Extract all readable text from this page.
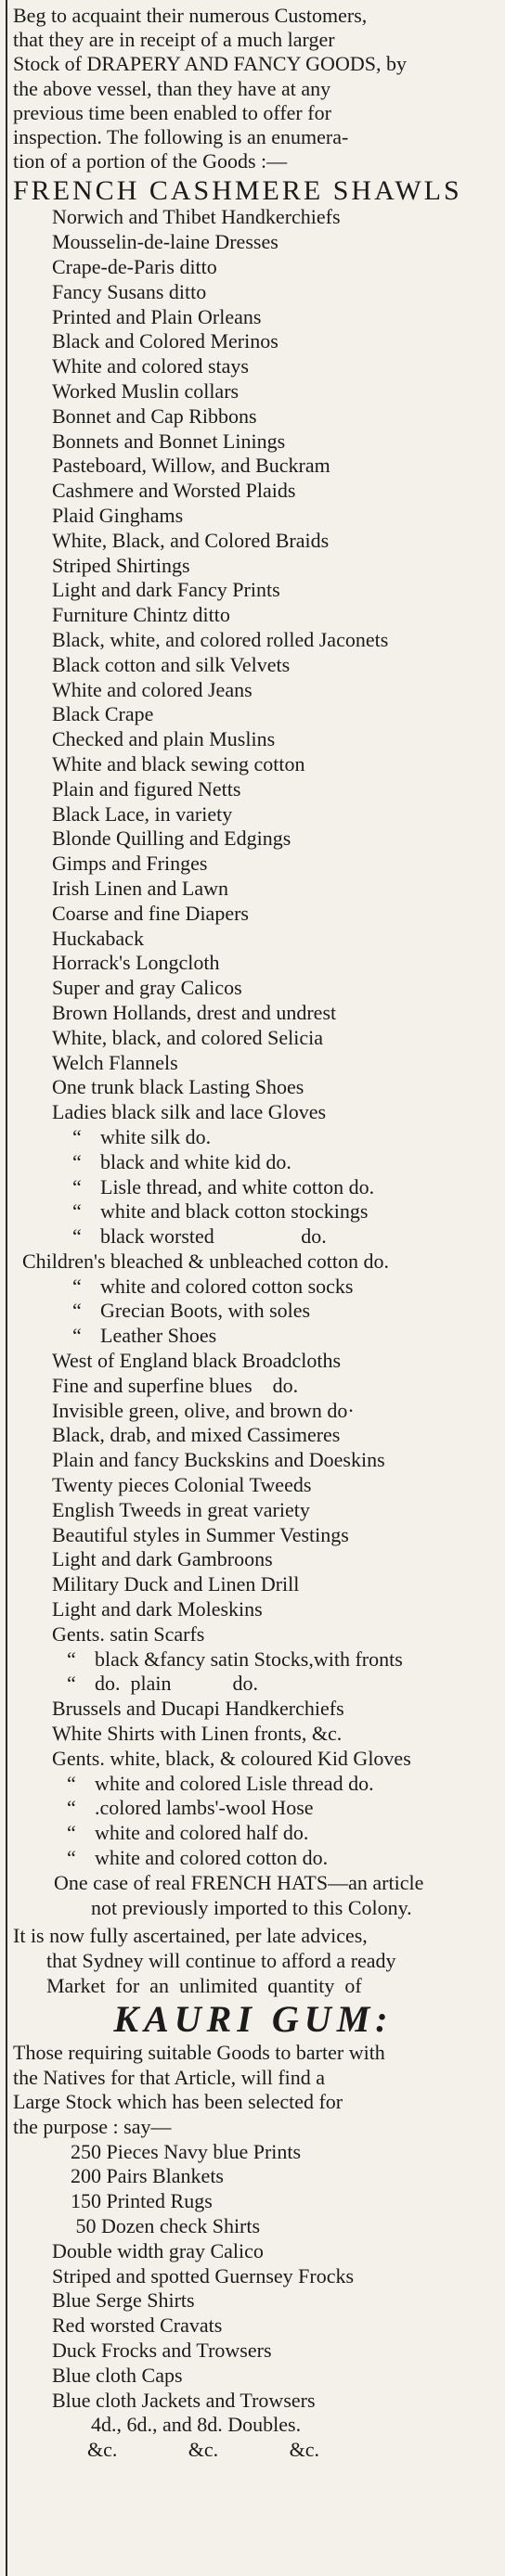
Beg to acquaint their numerous Customers,

that they are in receipt of a much larger

Stock of DRAPERY AND FANCY GOODS, by

the above vessel, than they have at any

previous time been enabled to offer for

inspection. The following is an enumera-

tion of a portion of the Goods :—

FRENCH CASHMERE SHAWLS
Norwich and Thibet Handkerchiefs
Mousselin-de-laine Dresses
Crape-de-Paris ditto
Fancy Susans ditto
Printed and Plain Orleans
Black and Colored Merinos
White and colored stays
Worked Muslin collars
Bonnet and Cap Ribbons
Bonnets and Bonnet Linings
Pasteboard, Willow, and Buckram
Cashmere and Worsted Plaids
Plaid Ginghams
White, Black, and Colored Braids
Striped Shirtings
Light and dark Fancy Prints
Furniture Chintz ditto
Black, white, and colored rolled Jaconets
Black cotton and silk Velvets
White and colored Jeans
Black Crape
Checked and plain Muslins
White and black sewing cotton
Plain and figured Netts
Black Lace, in variety
Blonde Quilling and Edgings
Gimps and Fringes
Irish Linen and Lawn
Coarse and fine Diapers
Huckaback
Horrack's Longcloth
Super and gray Calicos
Brown Hollands, drest and undrest
White, black, and colored Selicia
Welch Flannels
One trunk black Lasting Shoes
Ladies black silk and lace Gloves
“ white silk do.
“ black and white kid do.
“ Lisle thread, and white cotton do.
“ white and black cotton stockings
“ black worsted                 do.
Children's bleached & unbleached cotton do.
“ white and colored cotton socks
“ Grecian Boots, with soles
“ Leather Shoes
West of England black Broadcloths
Fine and superfine blues    do.
Invisible green, olive, and brown do·
Black, drab, and mixed Cassimeres
Plain and fancy Buckskins and Doeskins
Twenty pieces Colonial Tweeds
English Tweeds in great variety
Beautiful styles in Summer Vestings
Light and dark Gambroons
Military Duck and Linen Drill
Light and dark Moleskins
Gents. satin Scarfs
“ black &fancy satin Stocks,with fronts
“ do.  plain            do.
Brussels and Ducapi Handkerchiefs
White Shirts with Linen fronts, &c.
Gents. white, black, & coloured Kid Gloves
“ white and colored Lisle thread do.
“ .colored lambs'-wool Hose
“ white and colored half do.
“ white and colored cotton do.
One case of real FRENCH HATS—an article
not previously imported to this Colony.

It is now fully ascertained, per late advices,

that Sydney will continue to afford a ready

Market  for  an  unlimited  quantity  of

KAURI GUM:

Those requiring suitable Goods to barter with

the Natives for that Article, will find a

Large Stock which has been selected for

the purpose : say—

250 Pieces Navy blue Prints
200 Pairs Blankets
150 Printed Rugs
50 Dozen check Shirts
Double width gray Calico
Striped and spotted Guernsey Frocks
Blue Serge Shirts
Red worsted Cravats
Duck Frocks and Trowsers
Blue cloth Caps
Blue cloth Jackets and Trowsers
4d., 6d., and 8d. Doubles.
&c.	&c.	&c.
